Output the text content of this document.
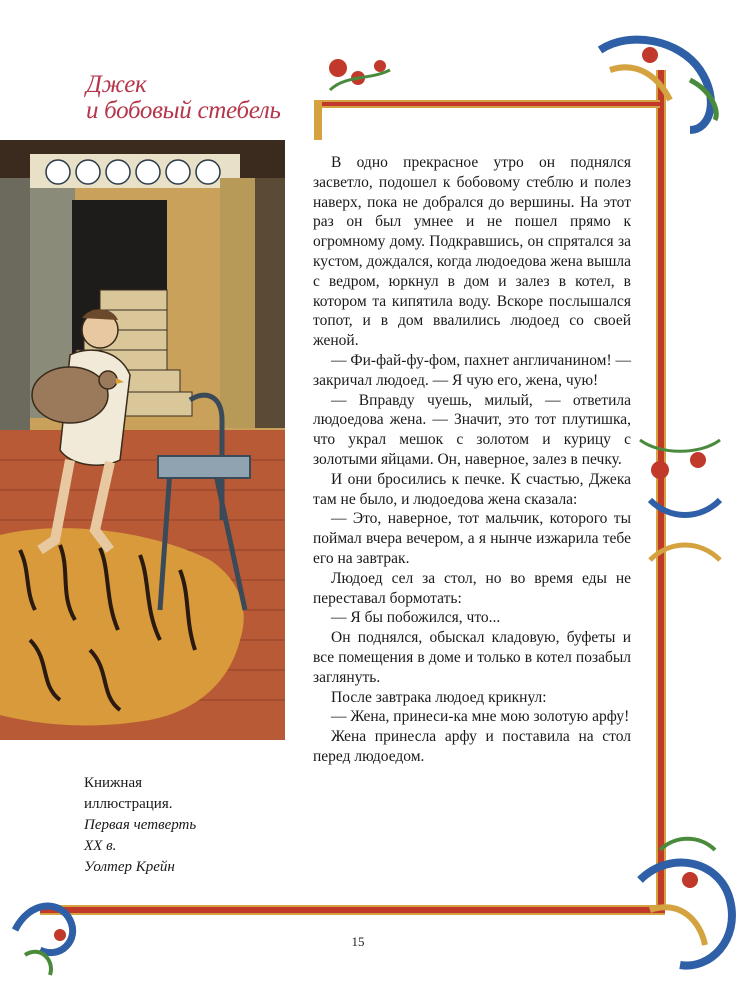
Джек
и бобовый стебель
Книжная
иллюстрация.
Первая четверть
XX в.
Уолтер Крейн

В одно прекрасное утро он поднялся засветло, подошел к бобовому стеблю и полез наверх, пока не добрался до вершины. На этот раз он был умнее и не пошел прямо к огромному дому. Подкравшись, он спрятался за кустом, дождался, когда людоедова жена вышла с ведром, юркнул в дом и залез в котел, в котором та кипятила воду. Вскоре послышался топот, и в дом ввалились людоед со своей женой.

— Фи-фай-фу-фом, пахнет англичанином! — закричал людоед. — Я чую его, жена, чую!

— Вправду чуешь, милый, — ответила людоедова жена. — Значит, это тот плутишка, что украл мешок с золотом и курицу с золотыми яйцами. Он, наверное, залез в печку.

И они бросились к печке. К счастью, Джека там не было, и людоедова жена сказала:

— Это, наверное, тот мальчик, которого ты поймал вчера вечером, а я нынче изжарила тебе его на завтрак.

Людоед сел за стол, но во время еды не переставал бормотать:

— Я бы побожился, что...

Он поднялся, обыскал кладовую, буфеты и все помещения в доме и только в котел позабыл заглянуть.

После завтрака людоед крикнул:

— Жена, принеси-ка мне мою золотую арфу!

Жена принесла арфу и поставила на стол перед людоедом.

15
